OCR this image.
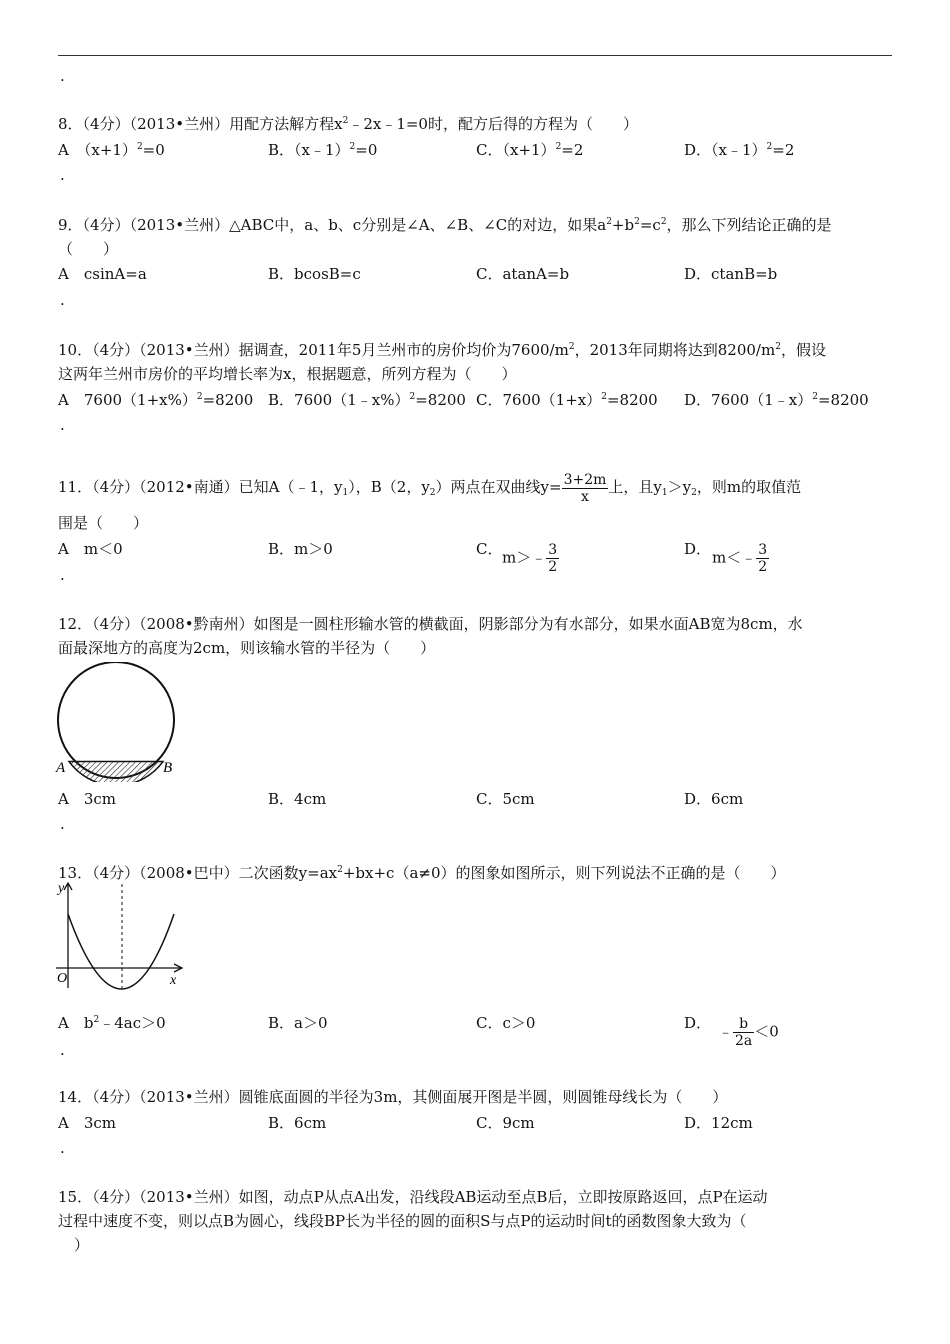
.
8．（4分）（2013•兰州）用配方法解方程$x^2﹣2x﹣1=0$时，配方后得的方程为（　　）
A　 $(x+1)^2=0$	B．（x﹣1）$^2$=0	C．$(x+1)^2=2$	D．（x﹣1）$^2$=2
.
9．（4分）（2013•兰州）△ABC中，a、b、c分别是∠A、∠B、∠C的对边，如果$a^2+b^2=c^2$，那么下列结论正确的是
（　　）
A　 csinA=a	B．bcosB=c	C．atanA=b	D．ctanB=b
.
10．（4分）（2013•兰州）据调查，2011年5月兰州市的房价均价为$7600/m^2$，2013年同期将达到$8200/m^2$，假设
这两年兰州市房价的平均增长率为x，根据题意，所列方程为（　　）
A　 $7600(1+x\%)^2=8200$ B．7600（1﹣x%）$^2$=8200 C．$7600(1+x)^2=8200$ D．7600（1﹣x）$^2$=8200
.
11．（4分）（2012•南通）已知A（﹣1，$y_1$），B（2，$y_2$）两点在双曲线$y= \frac{3+2m}{x}$ 上，且$y_1>y_2$，则m的取值范
围是（　　）
A　 m＜0	B．m＞0	C． m＞﹣ $\frac{3}{2}$	D． m＜﹣ $\frac{3}{2}$
.
12．（4分）（2008•黔南州）如图是一圆柱形输水管的横截面，阴影部分为有水部分，如果水面AB宽为8cm，水
面最深地方的高度为2cm，则该输水管的半径为（　　）
A	B
A　 3cm	B．4cm	C．5cm	D．6cm
.
13．（4分）（2008•巴中）二次函数$y=ax^2+bx+c(a\ne 0)$的图象如图所示，则下列说法不正确的是（　　）
y
O	x
A　 $b^2﹣4ac>0$	B．a＞0	C．c＞0	D． ﹣ $\frac{b}{2a} <0$
.
14．（4分）（2013•兰州）圆锥底面圆的半径为3m，其侧面展开图是半圆，则圆锥母线长为（　　）
A　 3cm	B．6cm	C．9cm	D．12cm
.
15．（4分）（2013•兰州）如图，动点P从点A出发，沿线段AB运动至点B后，立即按原路返回，点P在运动
过程中速度不变，则以点B为圆心，线段BP长为半径的圆的面积S与点P的运动时间t的函数图象大致为（
）
